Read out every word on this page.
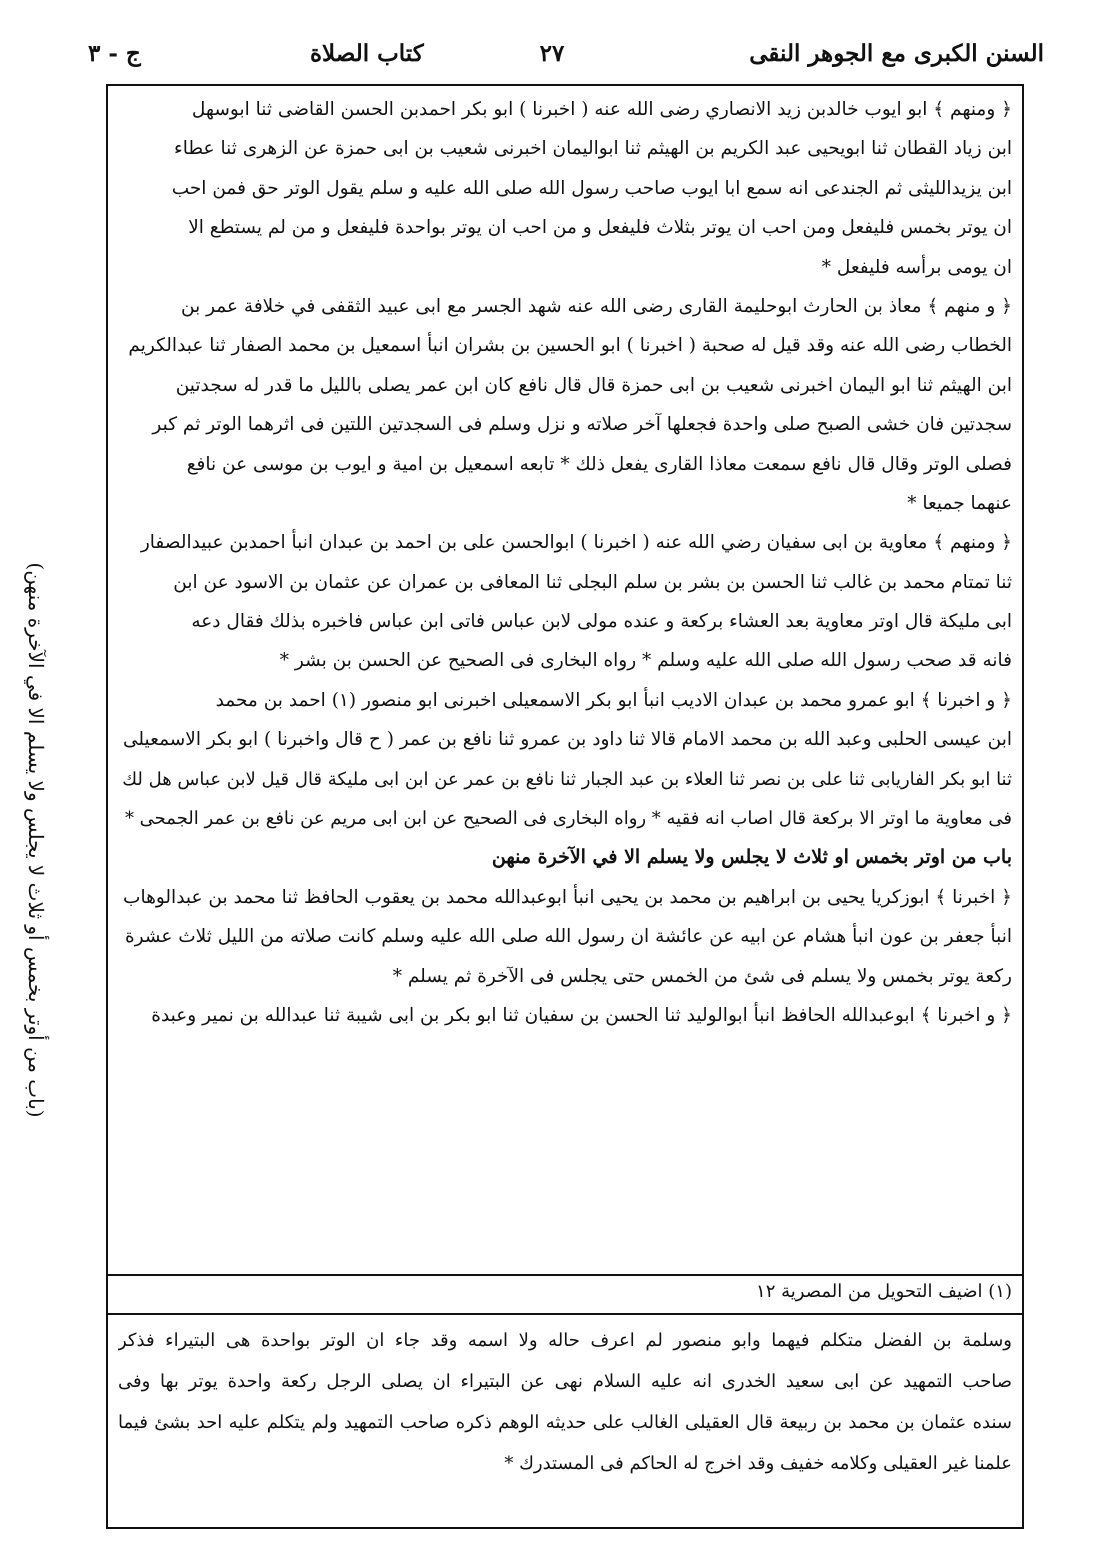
السنن الكبرى مع الجوهر النقى
٢٧
كتاب الصلاة
ج - ٣
(باب من أوتر بخمس أو ثلاث لا يجلس ولا يسلم الا في الآخرة منهن)
﴿ ومنهم ﴾ ابو ايوب خالدبن زيد الانصاري رضى الله عنه ( اخبرنا ) ابو بكر احمدبن الحسن القاضى ثنا ابوسهل
ابن زياد القطان ثنا ابويحيى عبد الكريم بن الهيثم ثنا ابواليمان اخبرنى شعيب بن ابى حمزة عن الزهرى ثنا عطاء
ابن يزيدالليثى ثم الجندعى انه سمع ابا ايوب صاحب رسول الله صلى الله عليه و سلم يقول الوتر حق فمن احب
ان يوتر بخمس فليفعل ومن احب ان يوتر بثلاث فليفعل و من احب ان يوتر بواحدة فليفعل و من لم يستطع الا
ان يومى برأسه فليفعل *
﴿ و منهم ﴾ معاذ بن الحارث ابوحليمة القارى رضى الله عنه شهد الجسر مع ابى عبيد الثقفى في خلافة عمر بن
الخطاب رضى الله عنه وقد قيل له صحبة ( اخبرنا ) ابو الحسين بن بشران انبأ اسمعيل بن محمد الصفار ثنا عبدالكريم
ابن الهيثم ثنا ابو اليمان اخبرنى شعيب بن ابى حمزة قال قال نافع كان ابن عمر يصلى بالليل ما قدر له سجدتين
سجدتين فان خشى الصبح صلى واحدة فجعلها آخر صلاته و نزل وسلم فى السجدتين اللتين فى اثرهما الوتر ثم كبر
فصلى الوتر وقال قال نافع سمعت معاذا القارى يفعل ذلك * تابعه اسمعيل بن امية و ايوب بن موسى عن نافع
عنهما جميعا *
﴿ ومنهم ﴾ معاوية بن ابى سفيان رضي الله عنه ( اخبرنا ) ابوالحسن على بن احمد بن عبدان انبأ احمدبن عبيدالصفار
ثنا تمتام محمد بن غالب ثنا الحسن بن بشر بن سلم البجلى ثنا المعافى بن عمران عن عثمان بن الاسود عن ابن
ابى مليكة قال اوتر معاوية بعد العشاء بركعة و عنده مولى لابن عباس فاتى ابن عباس فاخبره بذلك فقال دعه
فانه قد صحب رسول الله صلى الله عليه وسلم * رواه البخارى فى الصحيح عن الحسن بن بشر *
﴿ و اخبرنا ﴾ ابو عمرو محمد بن عبدان الاديب انبأ ابو بكر الاسمعيلى اخبرنى ابو منصور (١) احمد بن محمد
ابن عيسى الحلبى وعبد الله بن محمد الامام قالا ثنا داود بن عمرو ثنا نافع بن عمر ( ح قال واخبرنا ) ابو بكر الاسمعيلى
ثنا ابو بكر الفاريابى ثنا على بن نصر ثنا العلاء بن عبد الجبار ثنا نافع بن عمر عن ابن ابى مليكة قال قيل لابن عباس هل لك
فى معاوية ما اوتر الا بركعة قال اصاب انه فقيه * رواه البخارى فى الصحيح عن ابن ابى مريم عن نافع بن عمر الجمحى *
باب من اوتر بخمس او ثلاث لا يجلس ولا يسلم الا في الآخرة منهن
﴿ اخبرنا ﴾ ابوزكريا يحيى بن ابراهيم بن محمد بن يحيى انبأ ابوعبدالله محمد بن يعقوب الحافظ ثنا محمد بن عبدالوهاب
انبأ جعفر بن عون انبأ هشام عن ابيه عن عائشة ان رسول الله صلى الله عليه وسلم كانت صلاته من الليل ثلاث عشرة
ركعة يوتر بخمس ولا يسلم فى شئ من الخمس حتى يجلس فى الآخرة ثم يسلم *
﴿ و اخبرنا ﴾ ابوعبدالله الحافظ انبأ ابوالوليد ثنا الحسن بن سفيان ثنا ابو بكر بن ابى شيبة ثنا عبدالله بن نمير وعبدة
(١) اضيف التحويل من المصرية ١٢
وسلمة بن الفضل متكلم فيهما وابو منصور لم اعرف حاله ولا اسمه وقد جاء ان الوتر بواحدة هى البتيراء فذكر
صاحب التمهيد عن ابى سعيد الخدرى انه عليه السلام نهى عن البتيراء ان يصلى الرجل ركعة واحدة يوتر بها وفى
سنده عثمان بن محمد بن ربيعة قال العقيلى الغالب على حديثه الوهم ذكره صاحب التمهيد ولم يتكلم عليه احد بشئ فيما
علمنا غير العقيلى وكلامه خفيف وقد اخرج له الحاكم فى المستدرك *
